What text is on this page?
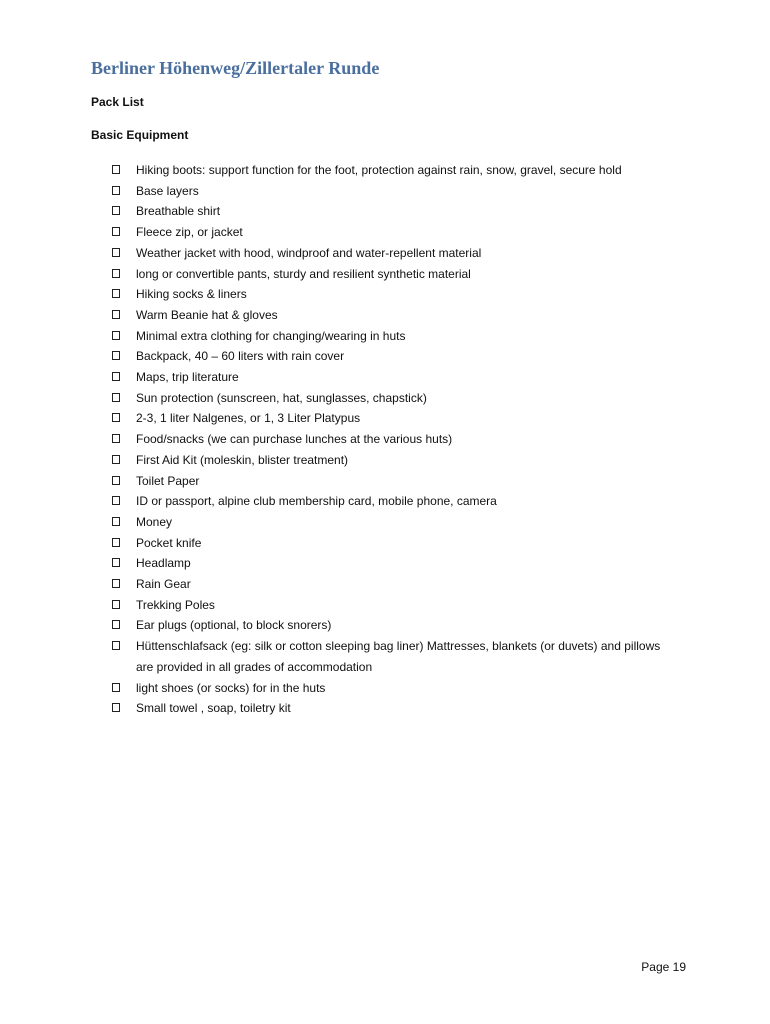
Berliner Höhenweg/Zillertaler Runde

Pack List

Basic Equipment

Hiking boots: support function for the foot, protection against rain, snow, gravel, secure hold
Base layers
Breathable shirt
Fleece zip, or jacket
Weather jacket with hood, windproof and water-repellent material
long or convertible pants, sturdy and resilient synthetic material
Hiking socks & liners
Warm Beanie hat & gloves
Minimal extra clothing for changing/wearing in huts
Backpack, 40 – 60 liters with rain cover
Maps, trip literature
Sun protection (sunscreen, hat, sunglasses, chapstick)
2-3, 1 liter Nalgenes, or 1, 3 Liter Platypus
Food/snacks (we can purchase lunches at the various huts)
First Aid Kit (moleskin, blister treatment)
Toilet Paper
ID or passport, alpine club membership card, mobile phone, camera
Money
Pocket knife
Headlamp
Rain Gear
Trekking Poles
Ear plugs (optional, to block snorers)
Hüttenschlafsack (eg: silk or cotton sleeping bag liner) Mattresses, blankets (or duvets) and pillows are provided in all grades of accommodation
light shoes (or socks) for in the huts
Small towel , soap, toiletry kit
Page 19
